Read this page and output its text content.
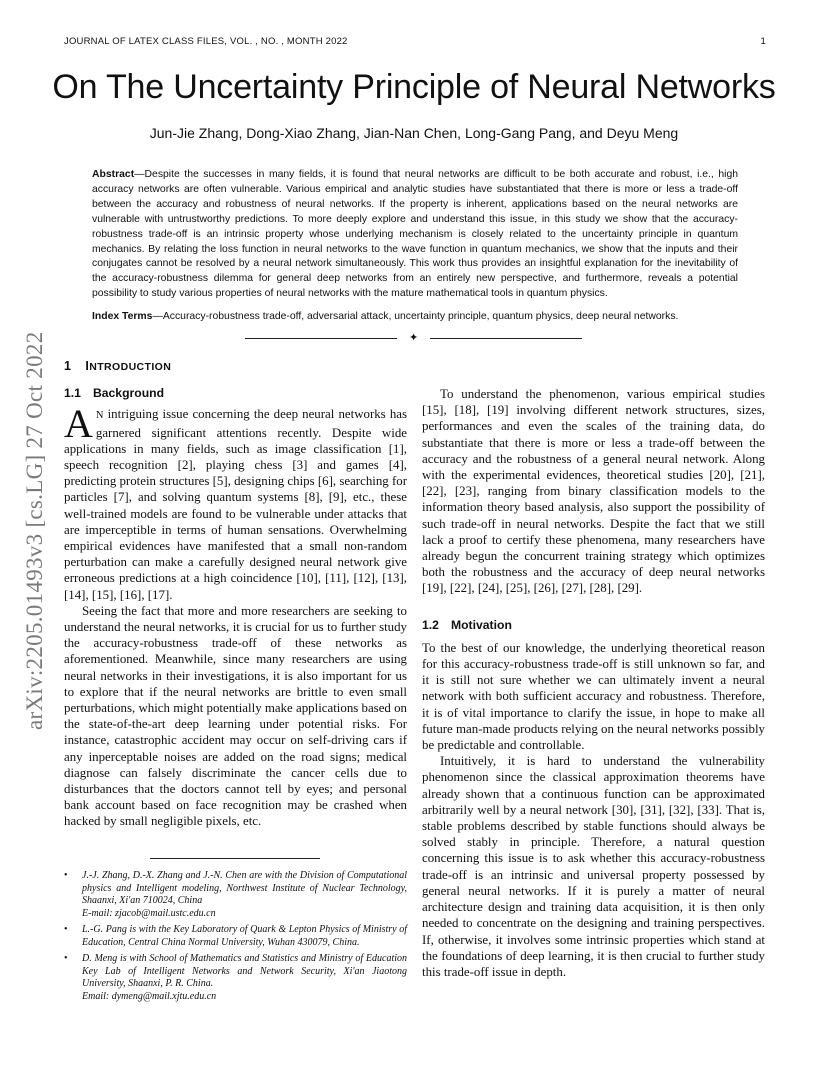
JOURNAL OF LATEX CLASS FILES, VOL. , NO. , MONTH 2022	1
arXiv:2205.01493v3 [cs.LG] 27 Oct 2022
On The Uncertainty Principle of Neural Networks
Jun-Jie Zhang, Dong-Xiao Zhang, Jian-Nan Chen, Long-Gang Pang, and Deyu Meng
Abstract—Despite the successes in many fields, it is found that neural networks are difficult to be both accurate and robust, i.e., high accuracy networks are often vulnerable. Various empirical and analytic studies have substantiated that there is more or less a trade-off between the accuracy and robustness of neural networks. If the property is inherent, applications based on the neural networks are vulnerable with untrustworthy predictions. To more deeply explore and understand this issue, in this study we show that the accuracy-robustness trade-off is an intrinsic property whose underlying mechanism is closely related to the uncertainty principle in quantum mechanics. By relating the loss function in neural networks to the wave function in quantum mechanics, we show that the inputs and their conjugates cannot be resolved by a neural network simultaneously. This work thus provides an insightful explanation for the inevitability of the accuracy-robustness dilemma for general deep networks from an entirely new perspective, and furthermore, reveals a potential possibility to study various properties of neural networks with the mature mathematical tools in quantum physics.
Index Terms—Accuracy-robustness trade-off, adversarial attack, uncertainty principle, quantum physics, deep neural networks.
✦
1 INTRODUCTION
1.1 Background

A N intriguing issue concerning the deep neural networks has garnered significant attentions recently. Despite wide applications in many fields, such as image classification [1], speech recognition [2], playing chess [3] and games [4], predicting protein structures [5], designing chips [6], searching for particles [7], and solving quantum systems [8], [9], etc., these well-trained models are found to be vulnerable under attacks that are imperceptible in terms of human sensations. Overwhelming empirical evidences have manifested that a small non-random perturbation can make a carefully designed neural network give erroneous predictions at a high coincidence [10], [11], [12], [13], [14], [15], [16], [17].

Seeing the fact that more and more researchers are seeking to understand the neural networks, it is crucial for us to further study the accuracy-robustness trade-off of these networks as aforementioned. Meanwhile, since many researchers are using neural networks in their investigations, it is also important for us to explore that if the neural networks are brittle to even small perturbations, which might potentially make applications based on the state-of-the-art deep learning under potential risks. For instance, catastrophic accident may occur on self-driving cars if any inperceptable noises are added on the road signs; medical diagnose can falsely discriminate the cancer cells due to disturbances that the doctors cannot tell by eyes; and personal bank account based on face recognition may be crashed when hacked by small negligible pixels, etc.

To understand the phenomenon, various empirical studies [15], [18], [19] involving different network structures, sizes, performances and even the scales of the training data, do substantiate that there is more or less a trade-off between the accuracy and the robustness of a general neural network. Along with the experimental evidences, theoretical studies [20], [21], [22], [23], ranging from binary classification models to the information theory based analysis, also support the possibility of such trade-off in neural networks. Despite the fact that we still lack a proof to certify these phenomena, many researchers have already begun the concurrent training strategy which optimizes both the robustness and the accuracy of deep neural networks [19], [22], [24], [25], [26], [27], [28], [29].

1.2 Motivation

To the best of our knowledge, the underlying theoretical reason for this accuracy-robustness trade-off is still unknown so far, and it is still not sure whether we can ultimately invent a neural network with both sufficient accuracy and robustness. Therefore, it is of vital importance to clarify the issue, in hope to make all future man-made products relying on the neural networks possibly be predictable and controllable.

Intuitively, it is hard to understand the vulnerability phenomenon since the classical approximation theorems have already shown that a continuous function can be approximated arbitrarily well by a neural network [30], [31], [32], [33]. That is, stable problems described by stable functions should always be solved stably in principle. Therefore, a natural question concerning this issue is to ask whether this accuracy-robustness trade-off is an intrinsic and universal property possessed by general neural networks. If it is purely a matter of neural architecture design and training data acquisition, it is then only needed to concentrate on the designing and training perspectives. If, otherwise, it involves some intrinsic properties which stand at the foundations of deep learning, it is then crucial to further study this trade-off issue in depth.

• J.-J. Zhang, D.-X. Zhang and J.-N. Chen are with the Division of Computational physics and Intelligent modeling, Northwest Institute of Nuclear Technology, Shaanxi, Xi'an 710024, China
E-mail: zjacob@mail.ustc.edu.cn
• L.-G. Pang is with the Key Laboratory of Quark & Lepton Physics of Ministry of Education, Central China Normal University, Wuhan 430079, China.
• D. Meng is with School of Mathematics and Statistics and Ministry of Education Key Lab of Intelligent Networks and Network Security, Xi'an Jiaotong University, Shaanxi, P. R. China.
Email: dymeng@mail.xjtu.edu.cn
